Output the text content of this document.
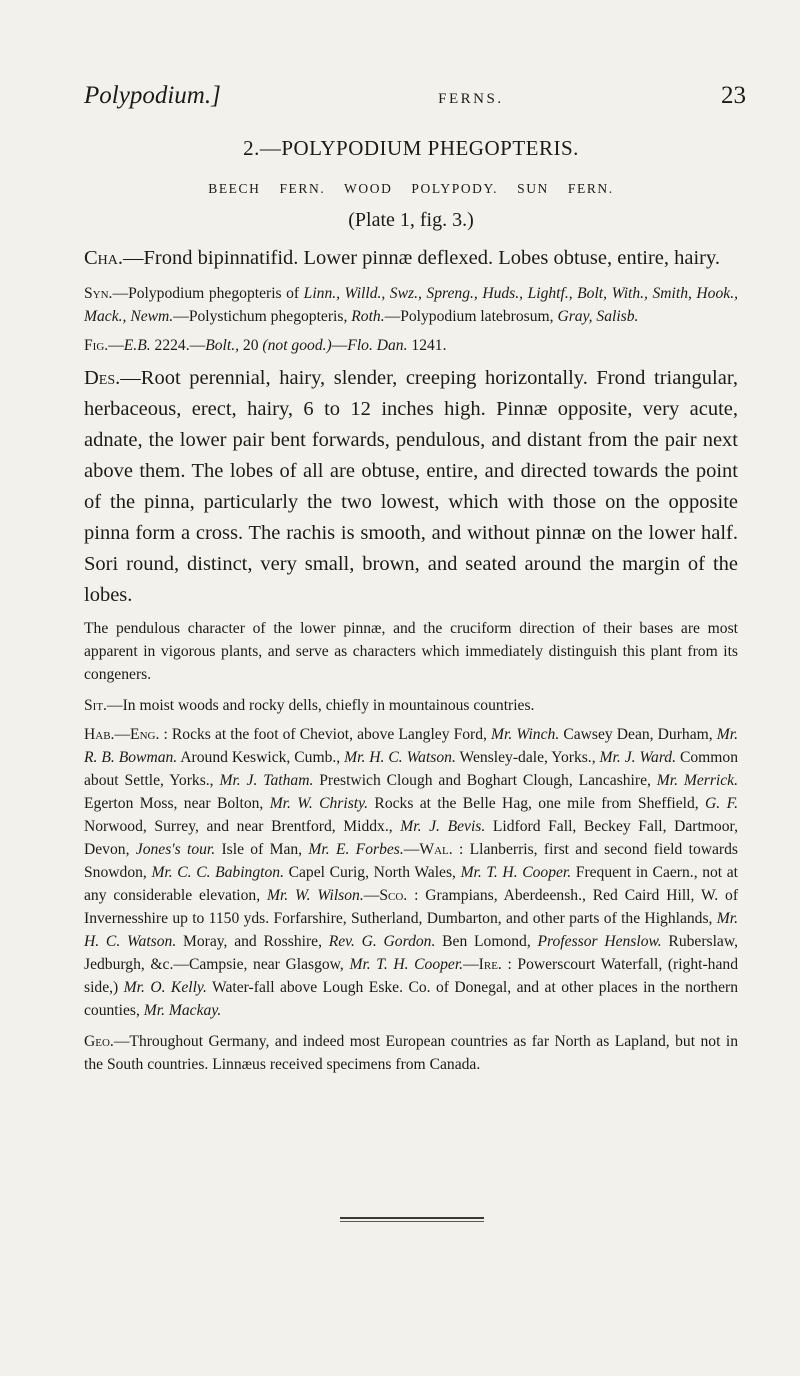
Polypodium.]	FERNS.	23
2.—POLYPODIUM PHEGOPTERIS.
BEECH FERN. WOOD POLYPODY. SUN FERN.
(Plate 1, fig. 3.)

Cha.—Frond bipinnatifid. Lower pinnæ deflexed. Lobes obtuse, entire, hairy.

Syn.—Polypodium phegopteris of Linn., Willd., Swz., Spreng., Huds., Lightf., Bolt, With., Smith, Hook., Mack., Newm.—Polystichum phegopteris, Roth.—Polypodium latebrosum, Gray, Salisb.

Fig.—E.B. 2224.—Bolt., 20 (not good.)—Flo. Dan. 1241.

Des.—Root perennial, hairy, slender, creeping horizontally. Frond triangular, herbaceous, erect, hairy, 6 to 12 inches high. Pinnæ opposite, very acute, adnate, the lower pair bent forwards, pendulous, and distant from the pair next above them. The lobes of all are obtuse, entire, and directed towards the point of the pinna, particularly the two lowest, which with those on the opposite pinna form a cross. The rachis is smooth, and without pinnæ on the lower half. Sori round, distinct, very small, brown, and seated around the margin of the lobes.

The pendulous character of the lower pinnæ, and the cruciform direction of their bases are most apparent in vigorous plants, and serve as characters which immediately distinguish this plant from its congeners.

Sit.—In moist woods and rocky dells, chiefly in mountainous countries.

Hab.—Eng. : Rocks at the foot of Cheviot, above Langley Ford, Mr. Winch. Cawsey Dean, Durham, Mr. R. B. Bowman. Around Keswick, Cumb., Mr. H. C. Watson. Wensley-dale, Yorks., Mr. J. Ward. Common about Settle, Yorks., Mr. J. Tatham. Prestwich Clough and Boghart Clough, Lancashire, Mr. Merrick. Egerton Moss, near Bolton, Mr. W. Christy. Rocks at the Belle Hag, one mile from Sheffield, G. F. Norwood, Surrey, and near Brentford, Middx., Mr. J. Bevis. Lidford Fall, Beckey Fall, Dartmoor, Devon, Jones's tour. Isle of Man, Mr. E. Forbes.—Wal. : Llanberris, first and second field towards Snowdon, Mr. C. C. Babington. Capel Curig, North Wales, Mr. T. H. Cooper. Frequent in Caern., not at any considerable elevation, Mr. W. Wilson.—Sco. : Grampians, Aberdeensh., Red Caird Hill, W. of Invernesshire up to 1150 yds. Forfarshire, Sutherland, Dumbarton, and other parts of the Highlands, Mr. H. C. Watson. Moray, and Rosshire, Rev. G. Gordon. Ben Lomond, Professor Henslow. Ruberslaw, Jedburgh, &c.—Campsie, near Glasgow, Mr. T. H. Cooper.—Ire. : Powerscourt Waterfall, (right-hand side,) Mr. O. Kelly. Water-fall above Lough Eske. Co. of Donegal, and at other places in the northern counties, Mr. Mackay.

Geo.—Throughout Germany, and indeed most European countries as far North as Lapland, but not in the South countries. Linnæus received specimens from Canada.
